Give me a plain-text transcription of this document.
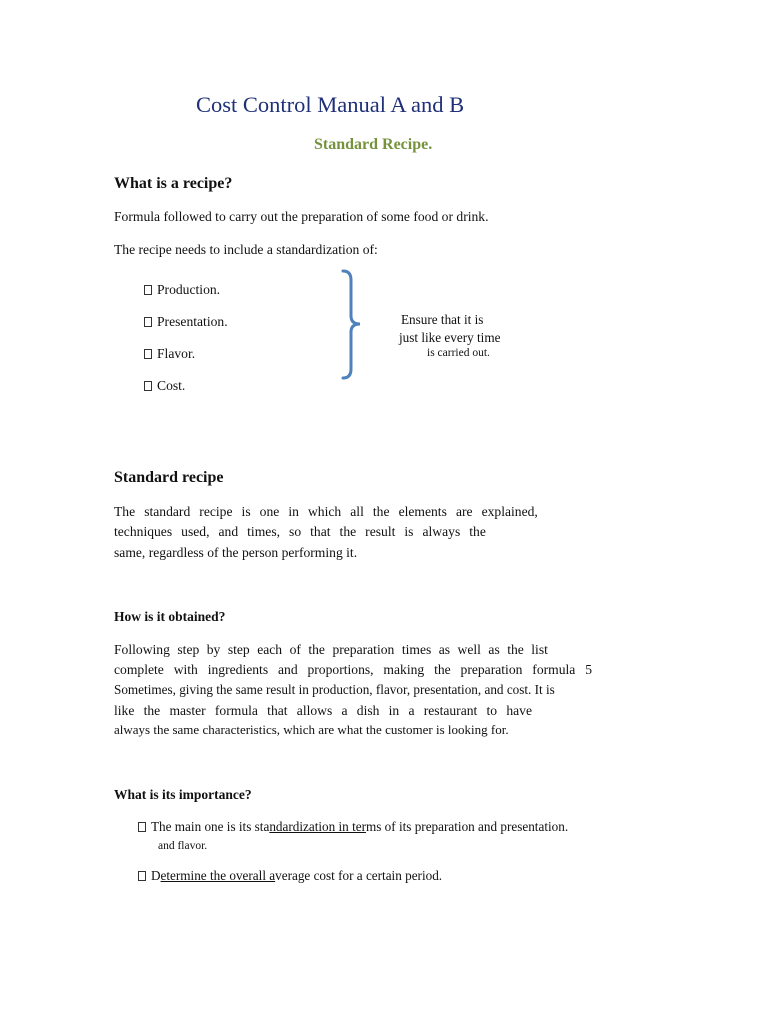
Cost Control Manual A and B
Standard Recipe.
What is a recipe?
Formula followed to carry out the preparation of some food or drink.
The recipe needs to include a standardization of:
Production.
Presentation.
Flavor.
Cost.
Ensure that it is
just like every time
is carried out.
Standard recipe
The standard recipe is one in which all the elements are explained,
techniques used, and times, so that the result is always the
same, regardless of the person performing it.
How is it obtained?
Following step by step each of the preparation times as well as the list
complete with ingredients and proportions, making the preparation formula 5
Sometimes, giving the same result in production, flavor, presentation, and cost. It is
like the master formula that allows a dish in a restaurant to have
always the same characteristics, which are what the customer is looking for.
What is its importance?
The main one is its standardization in terms of its preparation and presentation.
and flavor.
Determine the overall average cost for a certain period.
